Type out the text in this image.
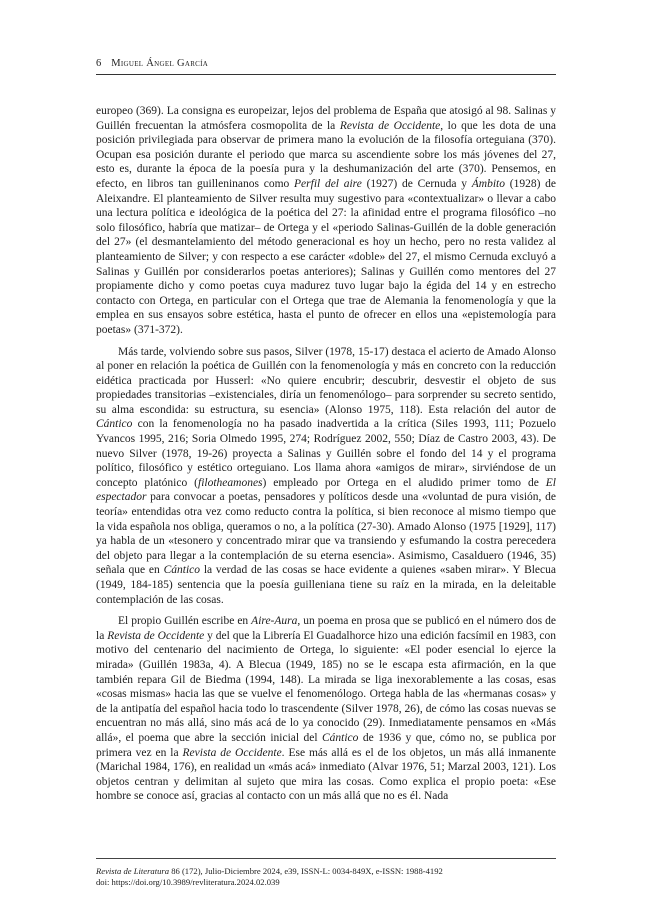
6 Miguel Ángel García

europeo (369). La consigna es europeizar, lejos del problema de España que atosigó al 98. Salinas y Guillén frecuentan la atmósfera cosmopolita de la Revista de Occidente, lo que les dota de una posición privilegiada para observar de primera mano la evolución de la filosofía orteguiana (370). Ocupan esa posición durante el periodo que marca su ascendiente sobre los más jóvenes del 27, esto es, durante la época de la poesía pura y la deshumanización del arte (370). Pensemos, en efecto, en libros tan guilleninanos como Perfil del aire (1927) de Cernuda y Ámbito (1928) de Aleixandre. El planteamiento de Silver resulta muy sugestivo para «contextualizar» o llevar a cabo una lectura política e ideológica de la poética del 27: la afinidad entre el programa filosófico –no solo filosófico, habría que matizar– de Ortega y el «periodo Salinas-Guillén de la doble generación del 27» (el desmantelamiento del método generacional es hoy un hecho, pero no resta validez al planteamiento de Silver; y con respecto a ese carácter «doble» del 27, el mismo Cernuda excluyó a Salinas y Guillén por considerarlos poetas anteriores); Salinas y Guillén como mentores del 27 propiamente dicho y como poetas cuya madurez tuvo lugar bajo la égida del 14 y en estrecho contacto con Ortega, en particular con el Ortega que trae de Alemania la fenomenología y que la emplea en sus ensayos sobre estética, hasta el punto de ofrecer en ellos una «epistemología para poetas» (371-372).

Más tarde, volviendo sobre sus pasos, Silver (1978, 15-17) destaca el acierto de Amado Alonso al poner en relación la poética de Guillén con la fenomenología y más en concreto con la reducción eidética practicada por Husserl: «No quiere encubrir; descubrir, desvestir el objeto de sus propiedades transitorias –existenciales, diría un fenomenólogo– para sorprender su secreto sentido, su alma escondida: su estructura, su esencia» (Alonso 1975, 118). Esta relación del autor de Cántico con la fenomenología no ha pasado inadvertida a la crítica (Siles 1993, 111; Pozuelo Yvancos 1995, 216; Soria Olmedo 1995, 274; Rodríguez 2002, 550; Díaz de Castro 2003, 43). De nuevo Silver (1978, 19-26) proyecta a Salinas y Guillén sobre el fondo del 14 y el programa político, filosófico y estético orteguiano. Los llama ahora «amigos de mirar», sirviéndose de un concepto platónico (filotheamones) empleado por Ortega en el aludido primer tomo de El espectador para convocar a poetas, pensadores y políticos desde una «voluntad de pura visión, de teoría» entendidas otra vez como reducto contra la política, si bien reconoce al mismo tiempo que la vida española nos obliga, queramos o no, a la política (27-30). Amado Alonso (1975 [1929], 117) ya habla de un «tesonero y concentrado mirar que va transiendo y esfumando la costra perecedera del objeto para llegar a la contemplación de su eterna esencia». Asimismo, Casalduero (1946, 35) señala que en Cántico la verdad de las cosas se hace evidente a quienes «saben mirar». Y Blecua (1949, 184-185) sentencia que la poesía guilleniana tiene su raíz en la mirada, en la deleitable contemplación de las cosas.

El propio Guillén escribe en Aire-Aura, un poema en prosa que se publicó en el número dos de la Revista de Occidente y del que la Librería El Guadalhorce hizo una edición facsímil en 1983, con motivo del centenario del nacimiento de Ortega, lo siguiente: «El poder esencial lo ejerce la mirada» (Guillén 1983a, 4). A Blecua (1949, 185) no se le escapa esta afirmación, en la que también repara Gil de Biedma (1994, 148). La mirada se liga inexorablemente a las cosas, esas «cosas mismas» hacia las que se vuelve el fenomenólogo. Ortega habla de las «hermanas cosas» y de la antipatía del español hacia todo lo trascendente (Silver 1978, 26), de cómo las cosas nuevas se encuentran no más allá, sino más acá de lo ya conocido (29). Inmediatamente pensamos en «Más allá», el poema que abre la sección inicial del Cántico de 1936 y que, cómo no, se publica por primera vez en la Revista de Occidente. Ese más allá es el de los objetos, un más allá inmanente (Marichal 1984, 176), en realidad un «más acá» inmediato (Alvar 1976, 51; Marzal 2003, 121). Los objetos centran y delimitan al sujeto que mira las cosas. Como explica el propio poeta: «Ese hombre se conoce así, gracias al contacto con un más allá que no es él. Nada

Revista de Literatura 86 (172), Julio-Diciembre 2024, e39, ISSN-L: 0034-849X, e-ISSN: 1988-4192
doi: https://doi.org/10.3989/revliteratura.2024.02.039
